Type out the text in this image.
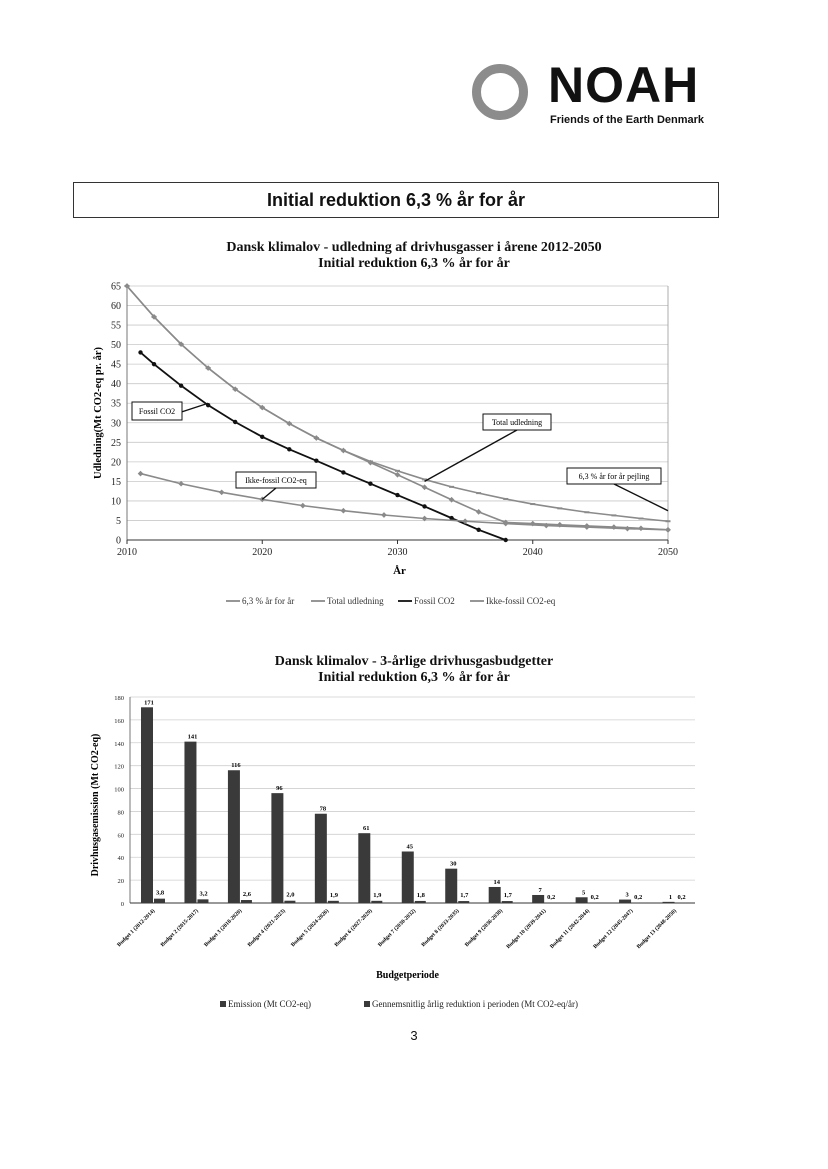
NOAH
Friends of the Earth Denmark
Initial reduktion 6,3 % år for år
Dansk klimalov - udledning af drivhusgasser i årene 2012-2050
Initial reduktion 6,3 % år for år
0
5
10
15
20
25
30
35
40
45
50
55
60
65
2010	2020	2030	2040	2050
År
Udledning(Mt CO2-eq pr. år)	Fossil CO2
Ikke-fossil CO2-eq
Total udledning
6,3 % år for år pejling
6,3 % år for år	Total udledning	Fossil CO2	Ikke-fossil CO2-eq
Dansk klimalov - 3-årlige drivhusgasbudgetter
Initial reduktion 6,3 % år for år
0
20
40
60
80
100
120
140
160
180
Drivhusgasemission (Mt CO2-eq)
171
3,8
Budget 1 (2012-2014)
141
3,2
Budget 2 (2015-2017)
116
2,6
Budget 3 (2018-2020)
96
2,0
Budget 4 (2021-2023)
78
1,9
Budget 5 (2024-2026)
61
1,9
Budget 6 (2027-2029)
45
1,8
Budget 7 (2030-2032)
30
1,7
Budget 8 (2033-2035)
14
1,7
Budget 9 (2036-2038)
7
0,2
Budget 10 (2039-2041)
5
0,2
Budget 11 (2042-2044)
3 0,2
Budget 12 (2045-2047)
1 0,2
Budget 13 (2048-2050)
Budgetperiode
Emission (Mt CO2-eq)	Gennemsnitlig årlig reduktion i perioden (Mt CO2-eq/år)
3
